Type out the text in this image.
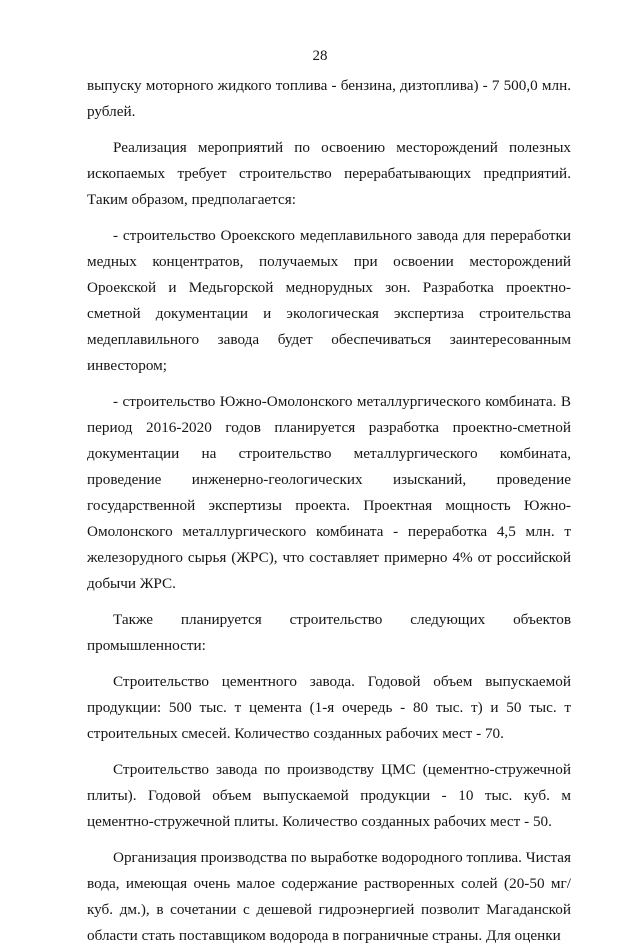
28

выпуску моторного жидкого топлива - бензина, дизтоплива) - 7 500,0 млн. рублей.

Реализация мероприятий по освоению месторождений полезных ископаемых требует строительство перерабатывающих предприятий. Таким образом, предполагается:

- строительство Ороекского медеплавильного завода для переработки медных концентратов, получаемых при освоении месторождений Ороекской и Медьгорской меднорудных зон. Разработка проектно-сметной документации и экологическая экспертиза строительства медеплавильного завода будет обеспечиваться заинтересованным инвестором;

- строительство Южно-Омолонского металлургического комбината. В период 2016-2020 годов планируется разработка проектно-сметной документации на строительство металлургического комбината, проведение инженерно-геологических изысканий, проведение государственной экспертизы проекта. Проектная мощность Южно-Омолонского металлургического комбината - переработка 4,5 млн. т железорудного сырья (ЖРС), что составляет примерно 4% от российской добычи ЖРС.

Также планируется строительство следующих объектов промышленности:

Строительство цементного завода. Годовой объем выпускаемой продукции: 500 тыс. т цемента (1-я очередь - 80 тыс. т) и 50 тыс. т строительных смесей. Количество созданных рабочих мест - 70.

Строительство завода по производству ЦМС (цементно-стружечной плиты). Годовой объем выпускаемой продукции - 10 тыс. куб. м цементно-стружечной плиты. Количество созданных рабочих мест - 50.

Организация производства по выработке водородного топлива. Чистая вода, имеющая очень малое содержание растворенных солей (20-50 мг/куб. дм.), в сочетании с дешевой гидроэнергией позволит Магаданской области стать поставщиком водорода в пограничные страны. Для оценки
